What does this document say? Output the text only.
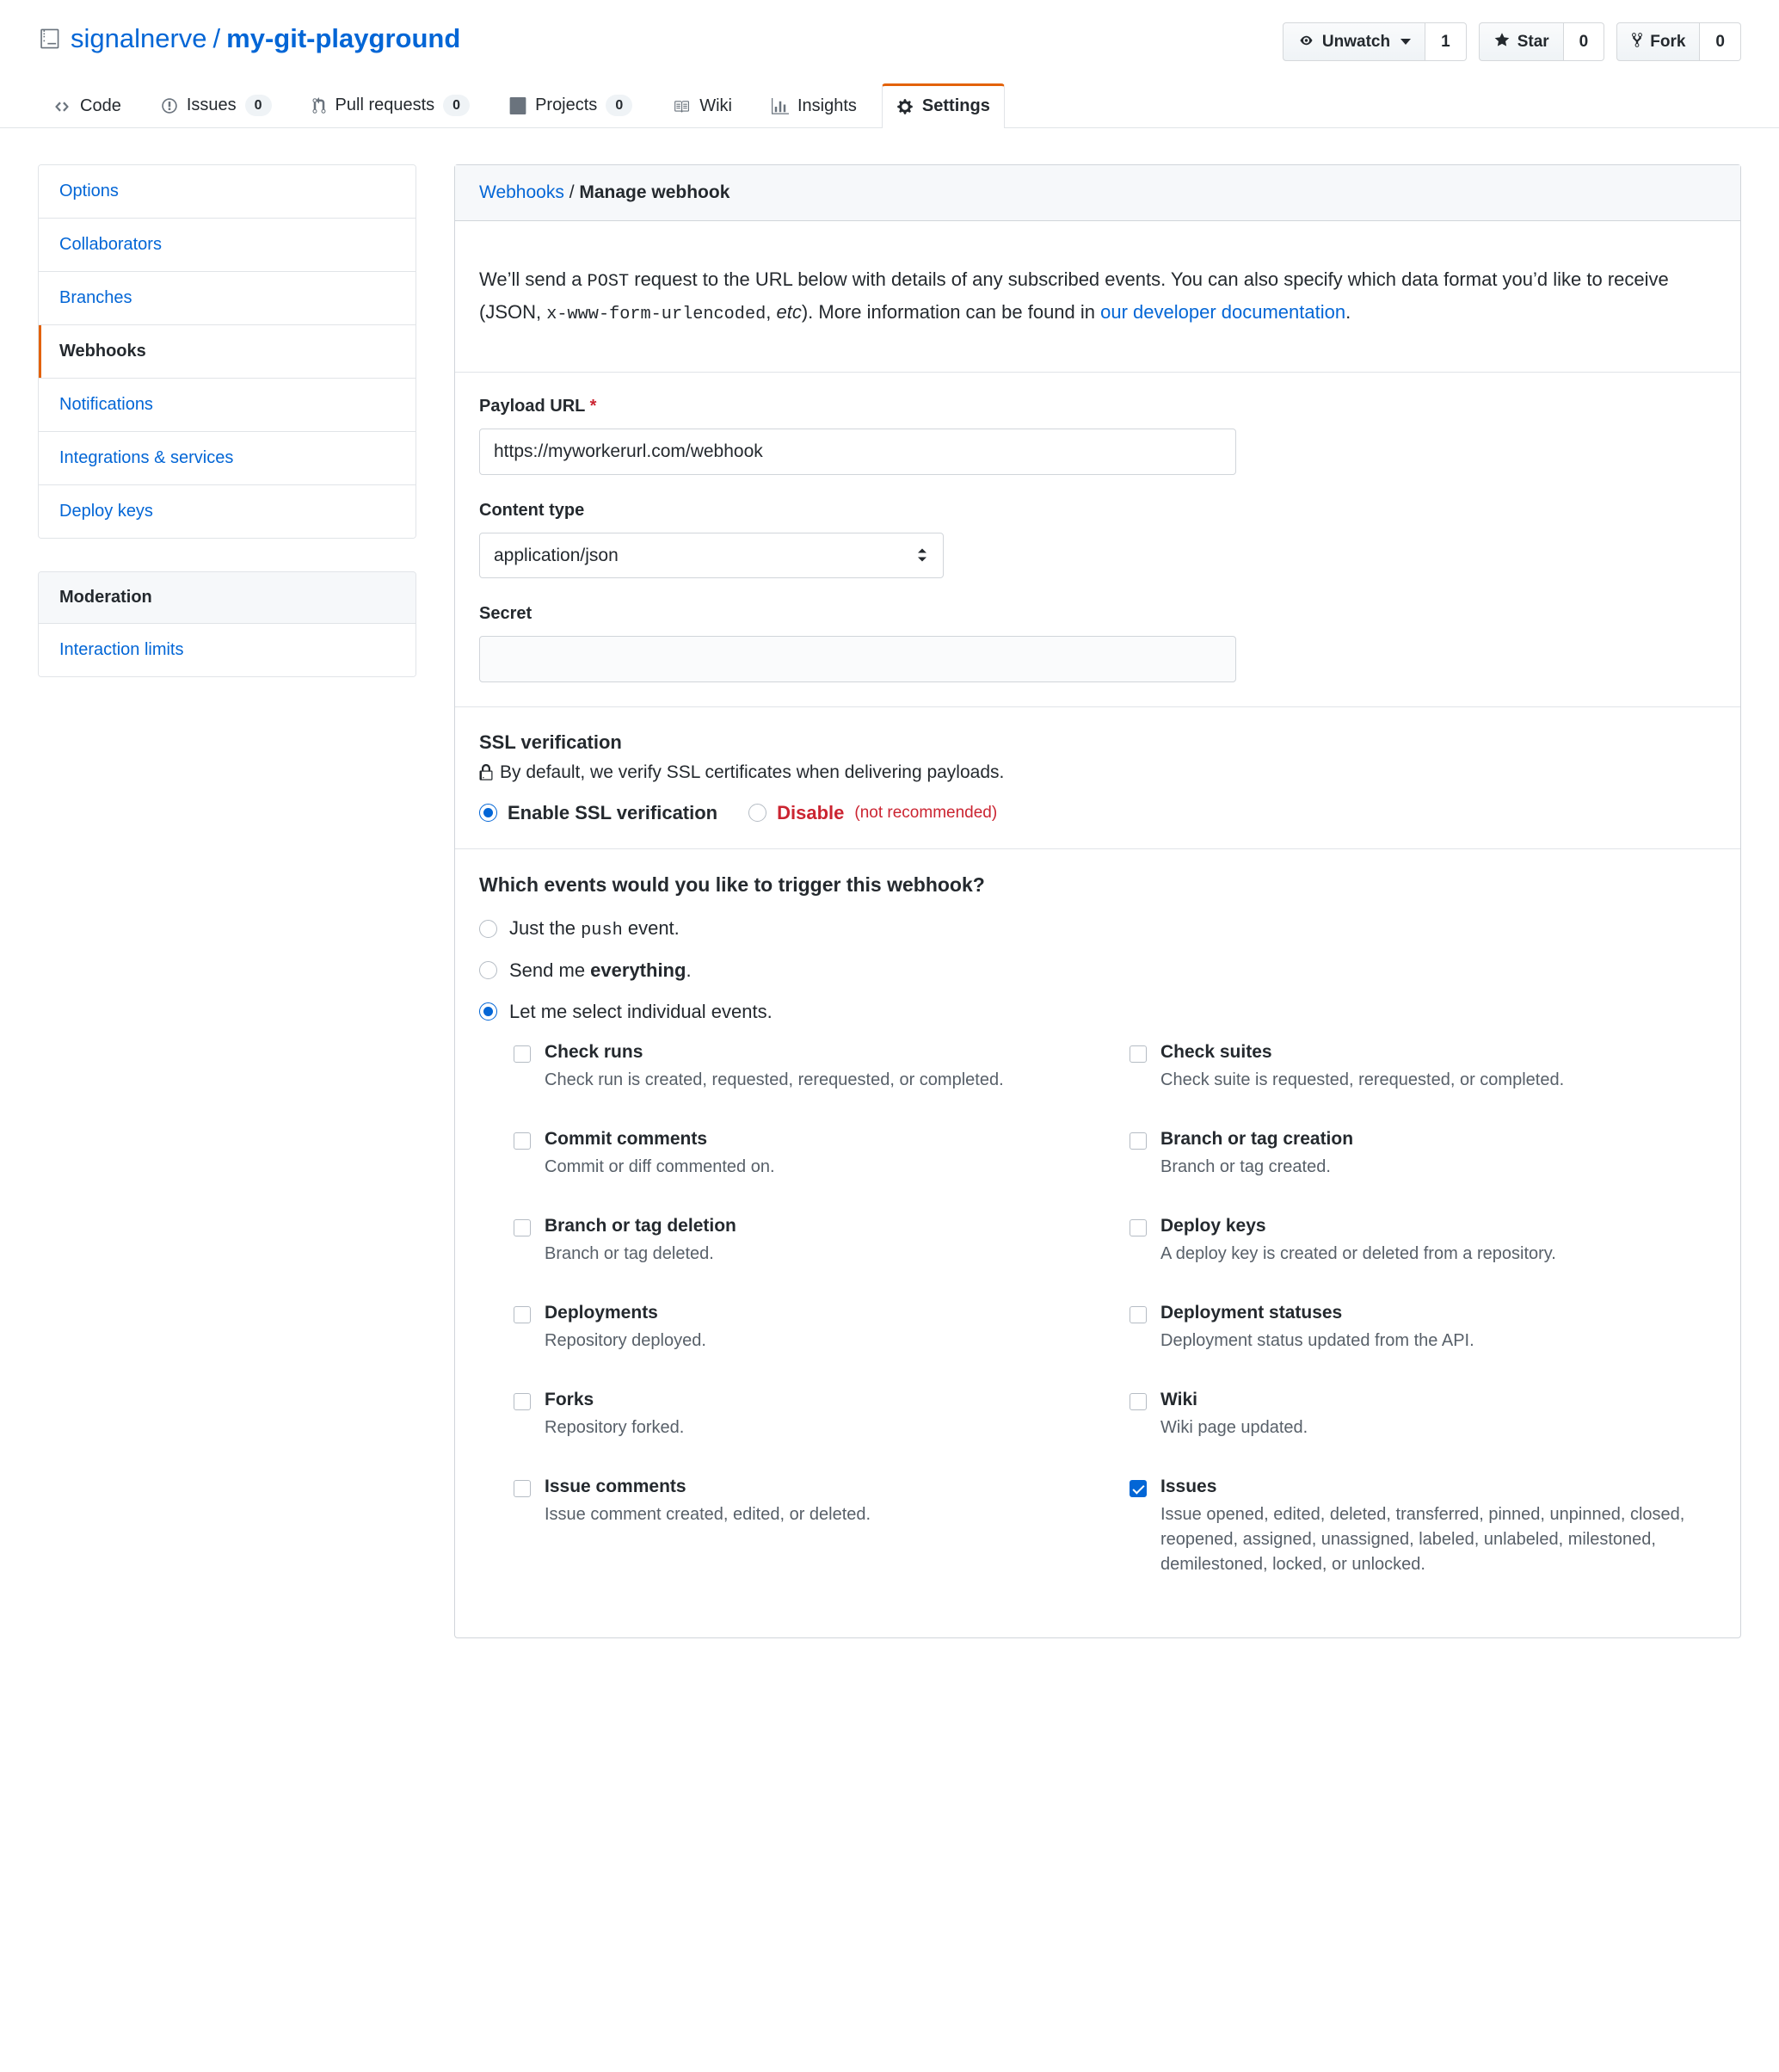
signalnerve / my-git-playground	Unwatch	1	Star	0	Fork	0
Code	Issues	0	Pull requests	0	Projects	0	Wiki	Insights	Settings
Options
Collaborators
Branches
Webhooks
Notifications
Integrations & services
Deploy keys
Moderation
Interaction limits
Webhooks / Manage webhook

We’ll send a POST request to the URL below with details of any subscribed events. You can also specify which data format you’d like to receive (JSON, x-www-form-urlencoded, etc). More information can be found in our developer documentation.

Payload URL *
https://myworkerurl.com/webhook
Content type
application/json
Secret
SSL verification
By default, we verify SSL certificates when delivering payloads.
Enable SSL verification	Disable (not recommended)
Which events would you like to trigger this webhook?
Just the push event.
Send me everything.
Let me select individual events.
Check runs
Check run is created, requested, rerequested, or completed.
Check suites
Check suite is requested, rerequested, or completed.
Commit comments
Commit or diff commented on.
Branch or tag creation
Branch or tag created.
Branch or tag deletion
Branch or tag deleted.
Deploy keys
A deploy key is created or deleted from a repository.
Deployments
Repository deployed.
Deployment statuses
Deployment status updated from the API.
Forks
Repository forked.
Wiki
Wiki page updated.
Issue comments
Issue comment created, edited, or deleted.
Issues
Issue opened, edited, deleted, transferred, pinned, unpinned, closed, reopened, assigned, unassigned, labeled, unlabeled, milestoned, demilestoned, locked, or unlocked.
